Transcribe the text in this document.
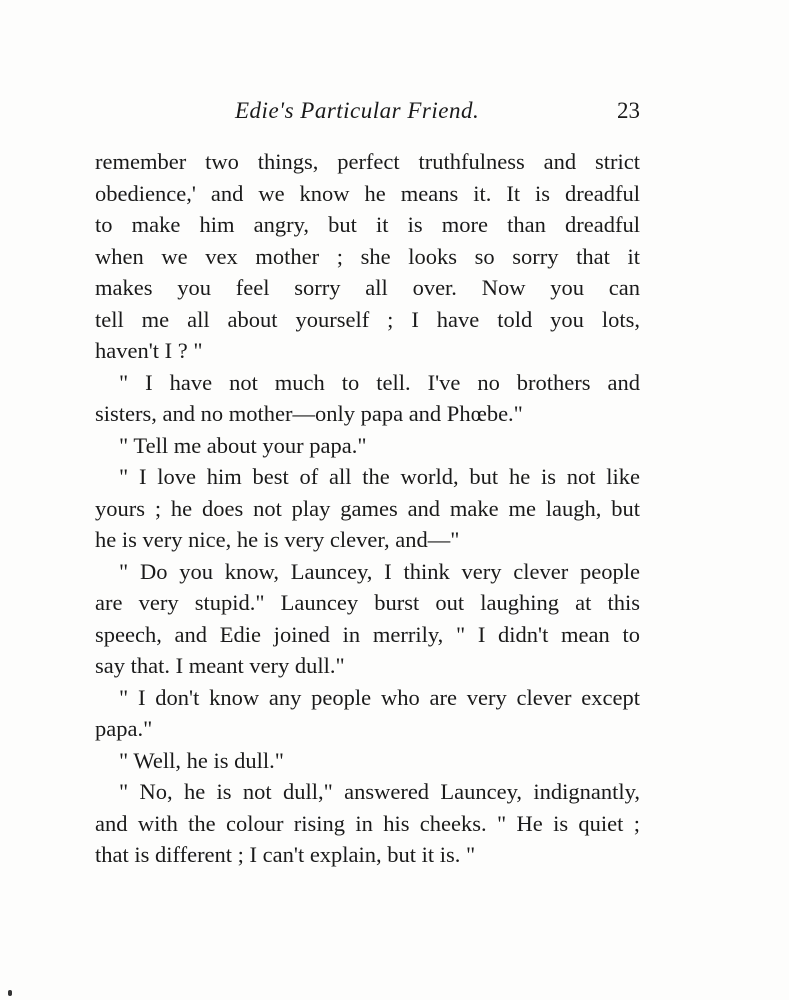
Edie's Particular Friend.	23
remember two things, perfect truthfulness and strict
obedience,' and we know he means it. It is dreadful
to make him angry, but it is more than dreadful
when we vex mother ; she looks so sorry that it
makes you feel sorry all over. Now you can
tell me all about yourself ; I have told you lots,
haven't I ? "
" I have not much to tell. I've no brothers and
sisters, and no mother—only papa and Phœbe."
" Tell me about your papa."
" I love him best of all the world, but he is not like
yours ; he does not play games and make me laugh, but
he is very nice, he is very clever, and—"
" Do you know, Launcey, I think very clever people
are very stupid." Launcey burst out laughing at this
speech, and Edie joined in merrily, " I didn't mean to
say that. I meant very dull."
" I don't know any people who are very clever except
papa."
" Well, he is dull."
" No, he is not dull," answered Launcey, indignantly,
and with the colour rising in his cheeks. " He is quiet ;
that is different ; I can't explain, but it is. "
